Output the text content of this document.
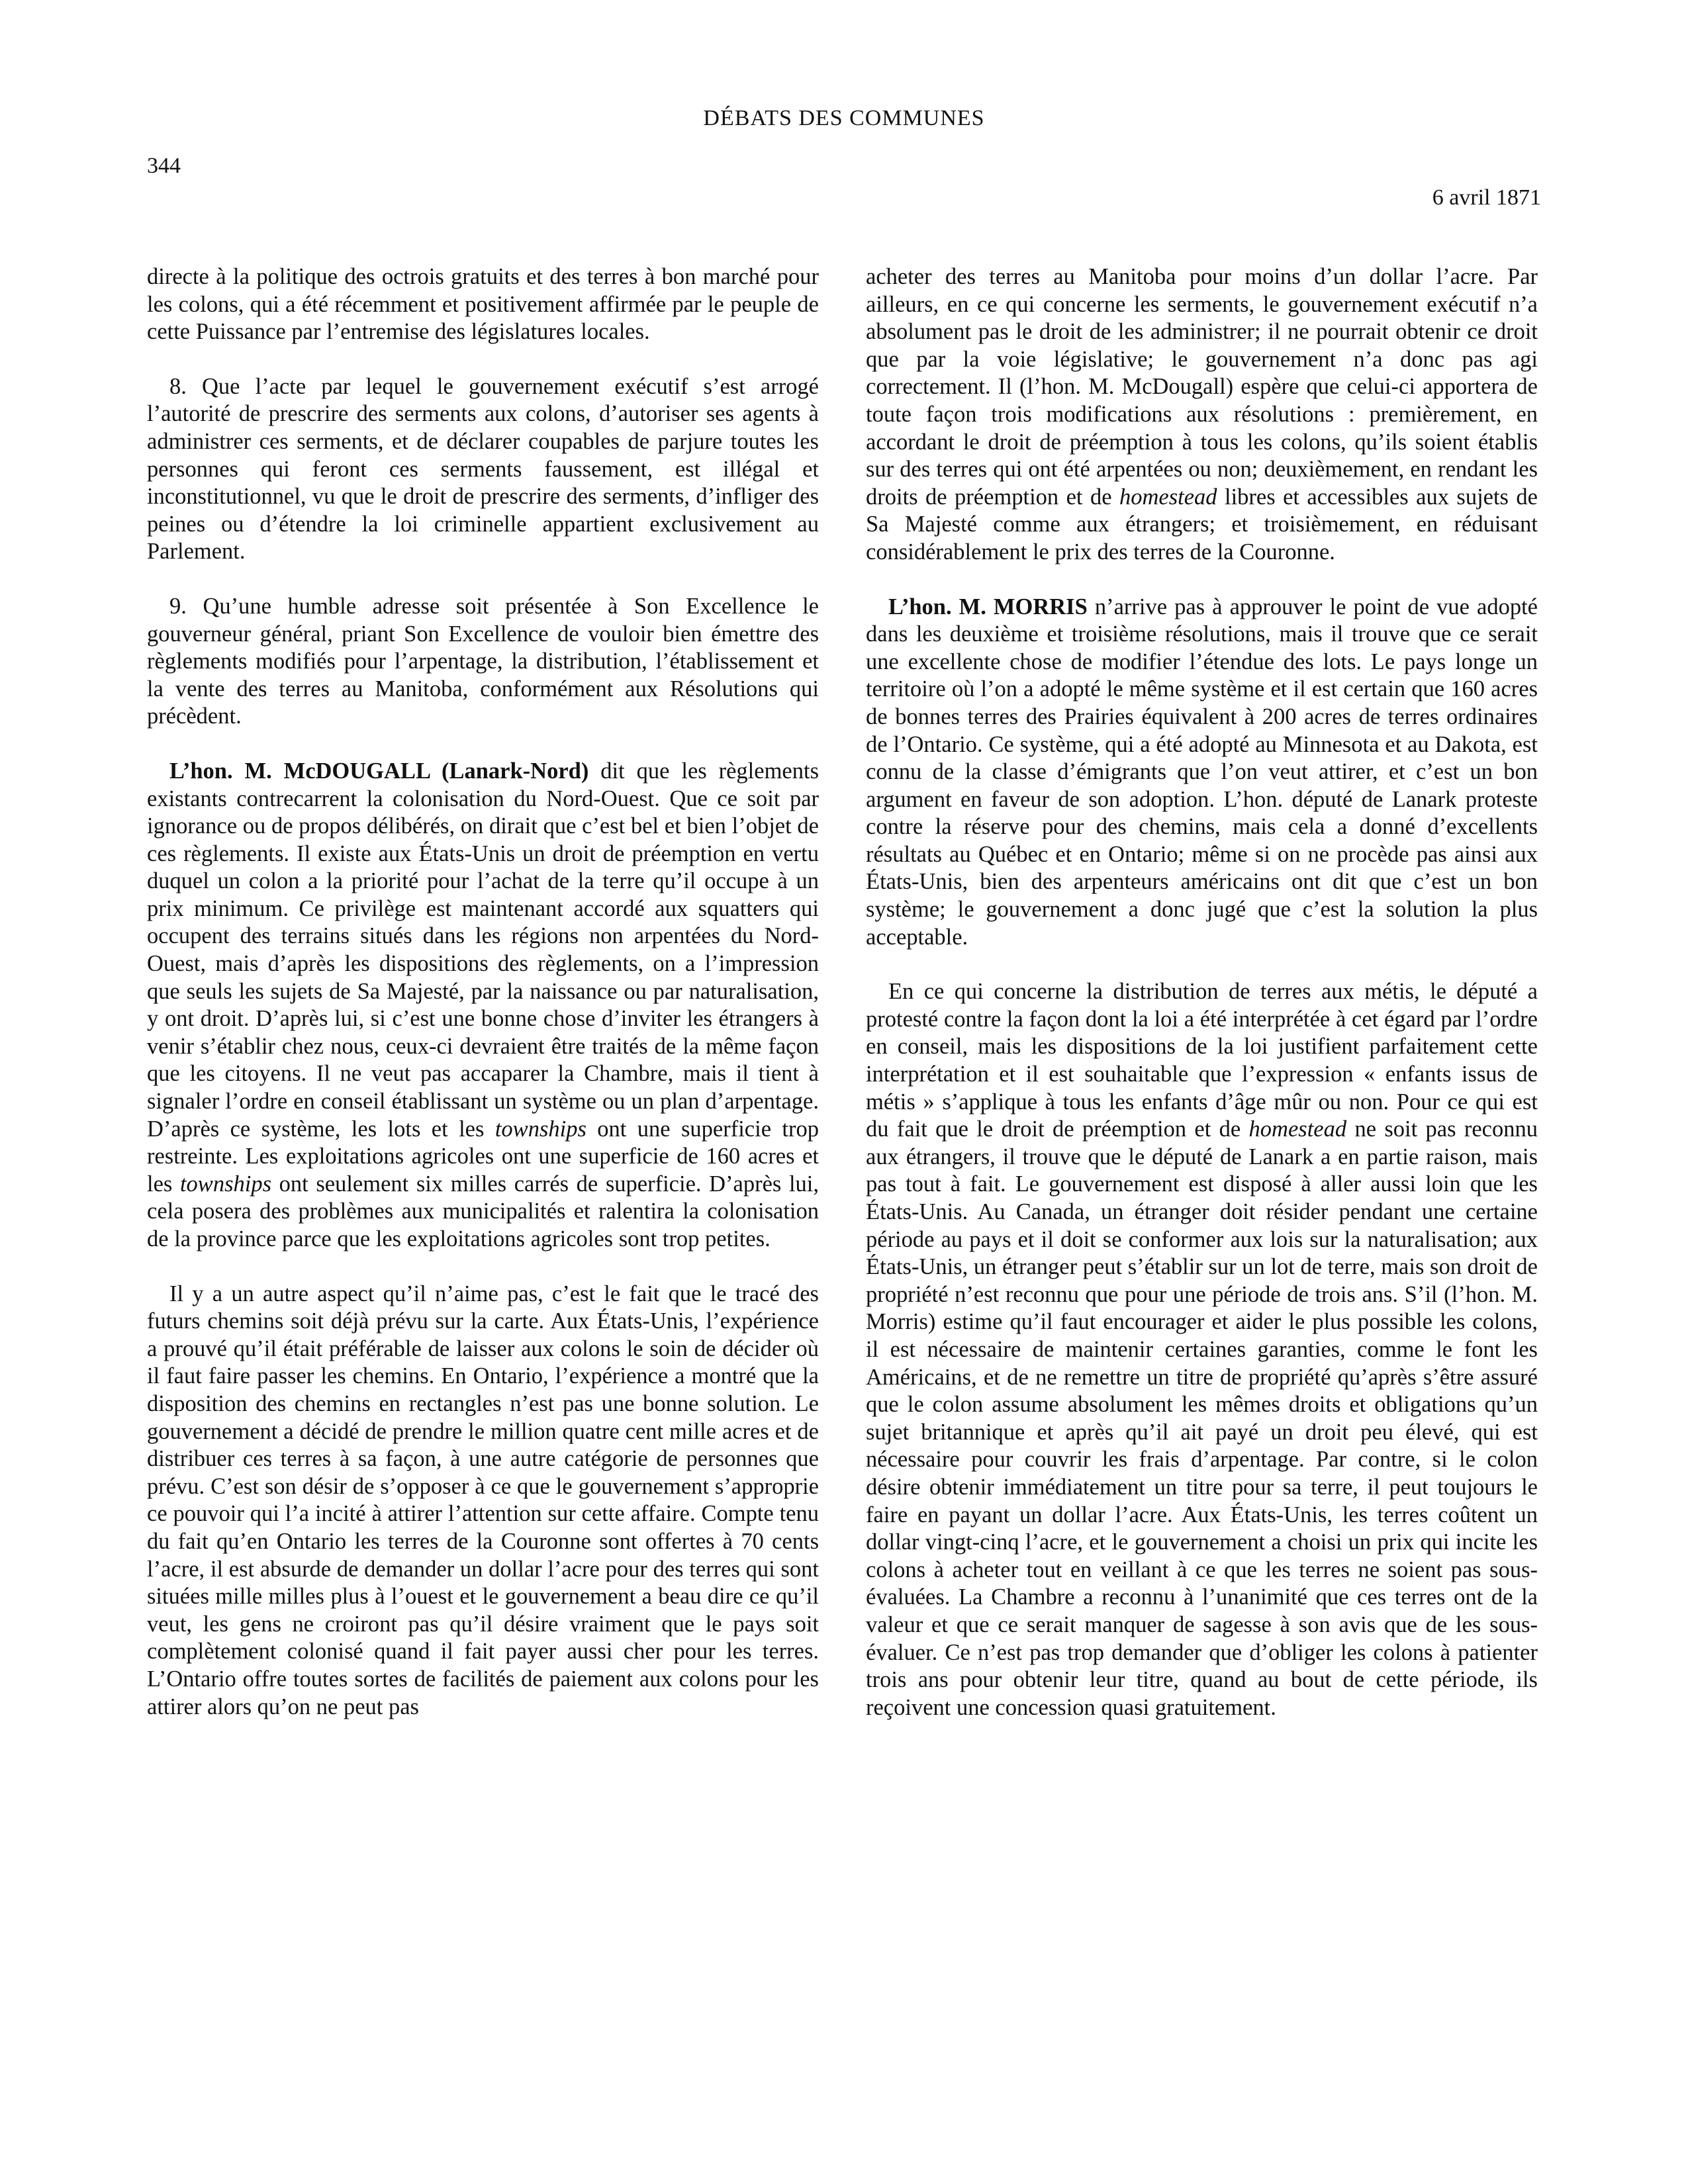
DÉBATS DES COMMUNES
344
6 avril 1871

directe à la politique des octrois gratuits et des terres à bon marché pour les colons, qui a été récemment et positivement affirmée par le peuple de cette Puissance par l’entremise des législatures locales.

8. Que l’acte par lequel le gouvernement exécutif s’est arrogé l’autorité de prescrire des serments aux colons, d’autoriser ses agents à administrer ces serments, et de déclarer coupables de parjure toutes les personnes qui feront ces serments faussement, est illégal et inconstitutionnel, vu que le droit de prescrire des serments, d’infliger des peines ou d’étendre la loi criminelle appartient exclusivement au Parlement.

9. Qu’une humble adresse soit présentée à Son Excellence le gouverneur général, priant Son Excellence de vouloir bien émettre des règlements modifiés pour l’arpentage, la distribution, l’établissement et la vente des terres au Manitoba, conformément aux Résolutions qui précèdent.

L’hon. M. McDOUGALL (Lanark-Nord) dit que les règlements existants contrecarrent la colonisation du Nord-Ouest. Que ce soit par ignorance ou de propos délibérés, on dirait que c’est bel et bien l’objet de ces règlements. Il existe aux États-Unis un droit de préemption en vertu duquel un colon a la priorité pour l’achat de la terre qu’il occupe à un prix minimum. Ce privilège est maintenant accordé aux squatters qui occupent des terrains situés dans les régions non arpentées du Nord-Ouest, mais d’après les dispositions des règlements, on a l’impression que seuls les sujets de Sa Majesté, par la naissance ou par naturalisation, y ont droit. D’après lui, si c’est une bonne chose d’inviter les étrangers à venir s’établir chez nous, ceux-ci devraient être traités de la même façon que les citoyens. Il ne veut pas accaparer la Chambre, mais il tient à signaler l’ordre en conseil établissant un système ou un plan d’arpentage. D’après ce système, les lots et les townships ont une superficie trop restreinte. Les exploitations agricoles ont une superficie de 160 acres et les townships ont seulement six milles carrés de superficie. D’après lui, cela posera des problèmes aux municipalités et ralentira la colonisation de la province parce que les exploitations agricoles sont trop petites.

Il y a un autre aspect qu’il n’aime pas, c’est le fait que le tracé des futurs chemins soit déjà prévu sur la carte. Aux États-Unis, l’expérience a prouvé qu’il était préférable de laisser aux colons le soin de décider où il faut faire passer les chemins. En Ontario, l’expérience a montré que la disposition des chemins en rectangles n’est pas une bonne solution. Le gouvernement a décidé de prendre le million quatre cent mille acres et de distribuer ces terres à sa façon, à une autre catégorie de personnes que prévu. C’est son désir de s’opposer à ce que le gouvernement s’approprie ce pouvoir qui l’a incité à attirer l’attention sur cette affaire. Compte tenu du fait qu’en Ontario les terres de la Couronne sont offertes à 70 cents l’acre, il est absurde de demander un dollar l’acre pour des terres qui sont situées mille milles plus à l’ouest et le gouvernement a beau dire ce qu’il veut, les gens ne croiront pas qu’il désire vraiment que le pays soit complètement colonisé quand il fait payer aussi cher pour les terres. L’Ontario offre toutes sortes de facilités de paiement aux colons pour les attirer alors qu’on ne peut pas

acheter des terres au Manitoba pour moins d’un dollar l’acre. Par ailleurs, en ce qui concerne les serments, le gouvernement exécutif n’a absolument pas le droit de les administrer; il ne pourrait obtenir ce droit que par la voie législative; le gouvernement n’a donc pas agi correctement. Il (l’hon. M. McDougall) espère que celui-ci apportera de toute façon trois modifications aux résolutions : premièrement, en accordant le droit de préemption à tous les colons, qu’ils soient établis sur des terres qui ont été arpentées ou non; deuxièmement, en rendant les droits de préemption et de homestead libres et accessibles aux sujets de Sa Majesté comme aux étrangers; et troisièmement, en réduisant considérablement le prix des terres de la Couronne.

L’hon. M. MORRIS n’arrive pas à approuver le point de vue adopté dans les deuxième et troisième résolutions, mais il trouve que ce serait une excellente chose de modifier l’étendue des lots. Le pays longe un territoire où l’on a adopté le même système et il est certain que 160 acres de bonnes terres des Prairies équivalent à 200 acres de terres ordinaires de l’Ontario. Ce système, qui a été adopté au Minnesota et au Dakota, est connu de la classe d’émigrants que l’on veut attirer, et c’est un bon argument en faveur de son adoption. L’hon. député de Lanark proteste contre la réserve pour des chemins, mais cela a donné d’excellents résultats au Québec et en Ontario; même si on ne procède pas ainsi aux États-Unis, bien des arpenteurs américains ont dit que c’est un bon système; le gouvernement a donc jugé que c’est la solution la plus acceptable.

En ce qui concerne la distribution de terres aux métis, le député a protesté contre la façon dont la loi a été interprétée à cet égard par l’ordre en conseil, mais les dispositions de la loi justifient parfaitement cette interprétation et il est souhaitable que l’expression « enfants issus de métis » s’applique à tous les enfants d’âge mûr ou non. Pour ce qui est du fait que le droit de préemption et de homestead ne soit pas reconnu aux étrangers, il trouve que le député de Lanark a en partie raison, mais pas tout à fait. Le gouvernement est disposé à aller aussi loin que les États-Unis. Au Canada, un étranger doit résider pendant une certaine période au pays et il doit se conformer aux lois sur la naturalisation; aux États-Unis, un étranger peut s’établir sur un lot de terre, mais son droit de propriété n’est reconnu que pour une période de trois ans. S’il (l’hon. M. Morris) estime qu’il faut encourager et aider le plus possible les colons, il est nécessaire de maintenir certaines garanties, comme le font les Américains, et de ne remettre un titre de propriété qu’après s’être assuré que le colon assume absolument les mêmes droits et obligations qu’un sujet britannique et après qu’il ait payé un droit peu élevé, qui est nécessaire pour couvrir les frais d’arpentage. Par contre, si le colon désire obtenir immédiatement un titre pour sa terre, il peut toujours le faire en payant un dollar l’acre. Aux États-Unis, les terres coûtent un dollar vingt-cinq l’acre, et le gouvernement a choisi un prix qui incite les colons à acheter tout en veillant à ce que les terres ne soient pas sous-évaluées. La Chambre a reconnu à l’unanimité que ces terres ont de la valeur et que ce serait manquer de sagesse à son avis que de les sous-évaluer. Ce n’est pas trop demander que d’obliger les colons à patienter trois ans pour obtenir leur titre, quand au bout de cette période, ils reçoivent une concession quasi gratuitement.
